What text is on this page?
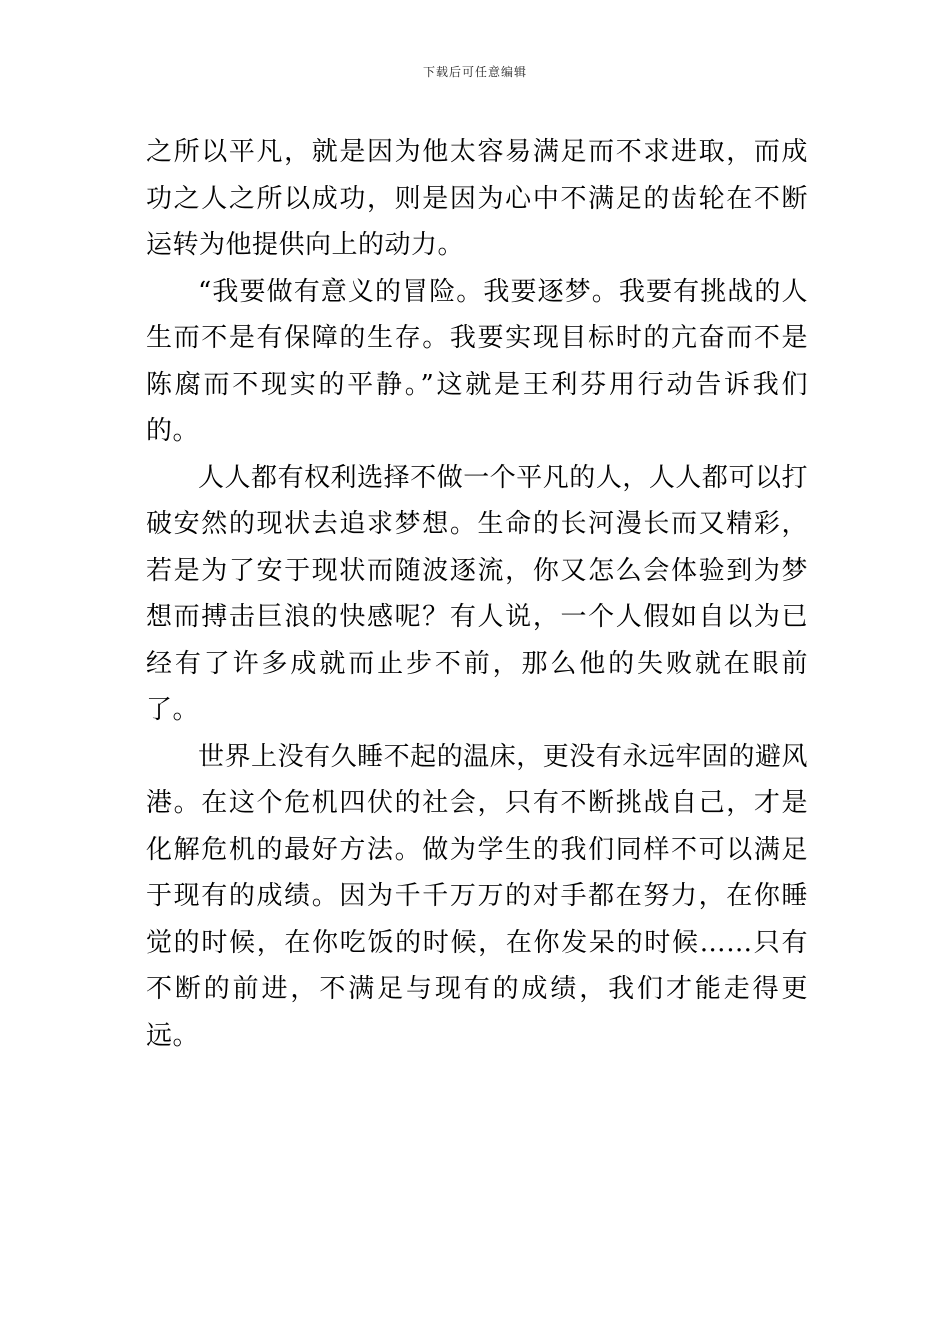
下载后可任意编辑

之所以平凡，就是因为他太容易满足而不求进取，而成功之人之所以成功，则是因为心中不满足的齿轮在不断运转为他提供向上的动力。

“我要做有意义的冒险。我要逐梦。我要有挑战的人生而不是有保障的生存。我要实现目标时的亢奋而不是陈腐而不现实的平静。”这就是王利芬用行动告诉我们的。

人人都有权利选择不做一个平凡的人，人人都可以打破安然的现状去追求梦想。生命的长河漫长而又精彩，若是为了安于现状而随波逐流，你又怎么会体验到为梦想而搏击巨浪的快感呢？有人说，一个人假如自以为已经有了许多成就而止步不前，那么他的失败就在眼前了。

世界上没有久睡不起的温床，更没有永远牢固的避风港。在这个危机四伏的社会，只有不断挑战自己，才是化解危机的最好方法。做为学生的我们同样不可以满足于现有的成绩。因为千千万万的对手都在努力，在你睡觉的时候，在你吃饭的时候，在你发呆的时候……只有不断的前进，不满足与现有的成绩，我们才能走得更远。
